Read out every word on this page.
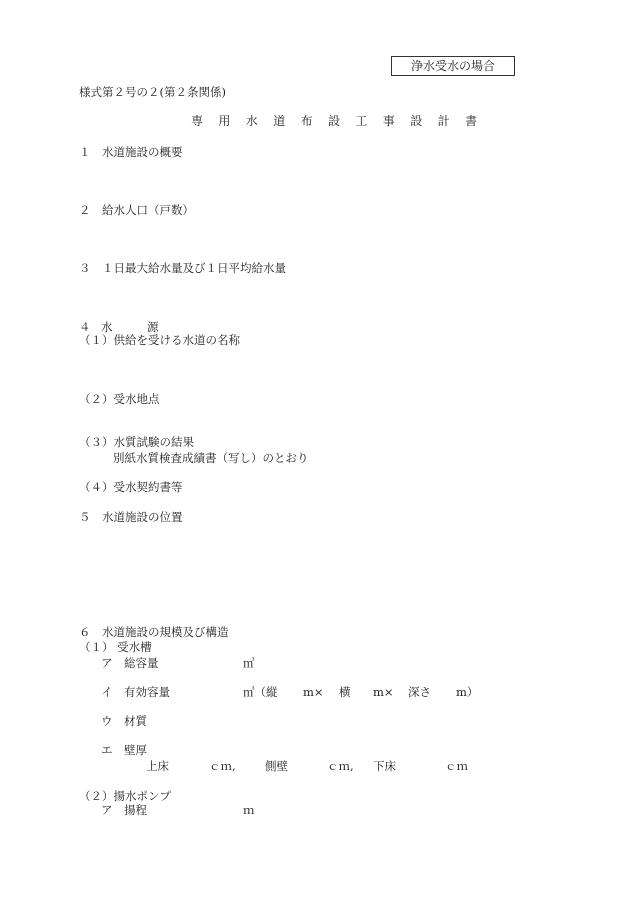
浄水受水の場合
様式第２号の２(第２条関係)
専用水道布設工事設計書
１　水道施設の概要
２　給水人口（戸数）
３　１日最大給水量及び１日平均給水量
４ 水	源
（１）供給を受ける水道の名称
（２）受水地点
（３）水質試験の結果
別紙水質検査成績書（写し）のとおり
（４）受水契約書等
５　水道施設の位置
６　水道施設の規模及び構造
（１） 受水槽
ア　総容量	㎥
イ　有効容量	㎥（縦 m× 横 m× 深さ m）
ウ　材質
エ　壁厚
上床	ｃｍ,	側壁	ｃｍ, 下床	ｃｍ
（２）揚水ポンプ
ア　揚程	ｍ
